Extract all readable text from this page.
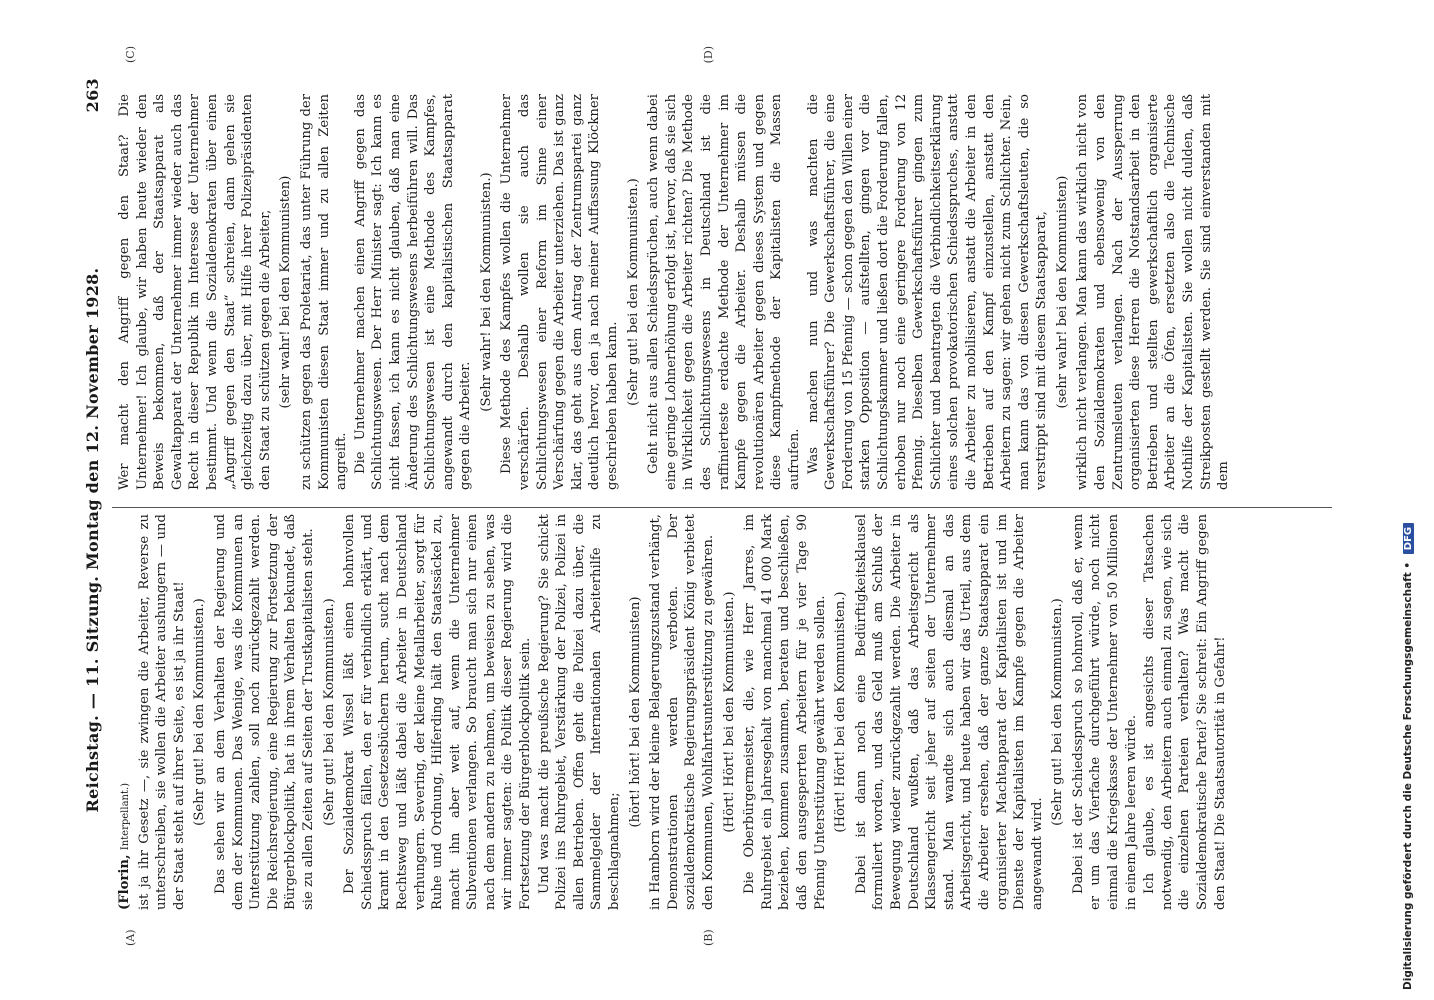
Reichstag. — 11. Sitzung. Montag den 12. November 1928.
263
(A)	(B)
(C)	(D)

(Florin, Interpellant.) ist ja ihr Gesetz —, sie zwingen die Arbeiter, Reverse zu unterschreiben, sie wollen die Arbeiter aushungern — und der Staat steht auf ihrer Seite, es ist ja ihr Staat! (Sehr gut! bei den Kommunisten.) Das sehen wir an dem Verhalten der Regierung und dem der Kommunen. Das Wenige, was die Kommunen an Unterstützung zahlen, soll noch zurückgezahlt werden. Die Reichsregierung, eine Regierung zur Fortsetzung der Bürgerblockpolitik, hat in ihrem Verhalten bekundet, daß sie zu allen Zeiten auf Seiten der Trustkapitalisten steht. (Sehr gut! bei den Kommunisten.) Der Sozialdemokrat Wissel läßt einen hohnvollen Schiedsspruch fällen, den er für verbindlich erklärt, und kramt in den Gesetzesbüchern herum, sucht nach dem Rechtsweg und läßt dabei die Arbeiter in Deutschland verhungern. Severing, der kleine Metallarbeiter, sorgt für Ruhe und Ordnung, Hilferding hält den Staatssäckel zu, macht ihn aber weit auf, wenn die Unternehmer Subventionen verlangen. So braucht man sich nur einen nach dem andern zu nehmen, um beweisen zu sehen, was wir immer sagten: die Politik dieser Regierung wird die Fortsetzung der Bürgerblockpolitik sein. Und was macht die preußische Regierung? Sie schickt Polizei ins Ruhrgebiet, Verstärkung der Polizei, Polizei in allen Betrieben. Offen geht die Polizei dazu über, die Sammelgelder der Internationalen Arbeiterhilfe zu beschlagnahmen;

(hört! hört! bei den Kommunisten) in Hamborn wird der kleine Belagerungszustand verhängt, Demonstrationen werden verboten. Der sozialdemokratische Regierungspräsident König verbietet den Kommunen, Wohlfahrtsunterstützung zu gewähren. (Hört! Hört! bei den Kommunisten.) Die Oberbürgermeister, die, wie Herr Jarres, im Ruhrgebiet ein Jahresgehalt von manchmal 41 000 Mark beziehen, kommen zusammen, beraten und beschließen, daß den ausgesperrten Arbeitern für je vier Tage 90 Pfennig Unterstützung gewährt werden sollen. (Hört! Hört! bei den Kommunisten.) Dabei ist dann noch eine Bedürftigkeitsklausel formuliert worden, und das Geld muß am Schluß der Bewegung wieder zurückgezahlt werden. Die Arbeiter in Deutschland wußten, daß das Arbeitsgericht als Klassengericht seit jeher auf seiten der Unternehmer stand. Man wandte sich auch diesmal an das Arbeitsgericht, und heute haben wir das Urteil, aus dem die Arbeiter ersehen, daß der ganze Staatsapparat ein organisierter Machtapparat der Kapitalisten ist und im Dienste der Kapitalisten im Kampfe gegen die Arbeiter angewandt wird.

(Sehr gut! bei den Kommunisten.) Dabei ist der Schiedsspruch so hohnvoll, daß er, wenn er um das Vierfache durchgeführt würde, noch nicht einmal die Kriegskasse der Unternehmer von 50 Millionen in einem Jahre leeren würde. Ich glaube, es ist angesichts dieser Tatsachen notwendig, den Arbeitern auch einmal zu sagen, wie sich die einzelnen Parteien verhalten? Was macht die Sozialdemokratische Partei? Sie schreit: Ein Angriff gegen den Staat! Die Staatsautorität in Gefahr!

Wer macht den Angriff gegen den Staat? Die Unternehmer! Ich glaube, wir haben heute wieder den Beweis bekommen, daß der Staatsapparat als Gewaltapparat der Unternehmer immer wieder auch das Recht in dieser Republik im Interesse der Unternehmer bestimmt. Und wenn die Sozialdemokraten über einen „Angriff gegen den Staat“ schreien, dann gehen sie gleichzeitig dazu über, mit Hilfe ihrer Polizeipräsidenten den Staat zu schützen gegen die Arbeiter, (sehr wahr! bei den Kommunisten) zu schützen gegen das Proletariat, das unter Führung der Kommunisten diesen Staat immer und zu allen Zeiten angreift. Die Unternehmer machen einen Angriff gegen das Schlichtungswesen. Der Herr Minister sagt: Ich kann es nicht fassen, ich kann es nicht glauben, daß man eine Änderung des Schlichtungswesens herbeiführen will. Das Schlichtungswesen ist eine Methode des Kampfes, angewandt durch den kapitalistischen Staatsapparat gegen die Arbeiter.

(Sehr wahr! bei den Kommunisten.) Diese Methode des Kampfes wollen die Unternehmer verschärfen. Deshalb wollen sie auch das Schlichtungswesen einer Reform im Sinne einer Verschärfung gegen die Arbeiter unterziehen. Das ist ganz klar, das geht aus dem Antrag der Zentrumspartei ganz deutlich hervor, den ja nach meiner Auffassung Klöckner geschrieben haben kann. (Sehr gut! bei den Kommunisten.) Geht nicht aus allen Schiedssprüchen, auch wenn dabei eine geringe Lohnerhöhung erfolgt ist, hervor, daß sie sich in Wirklichkeit gegen die Arbeiter richten? Die Methode des Schlichtungswesens in Deutschland ist die raffinierteste erdachte Methode der Unternehmer im Kampfe gegen die Arbeiter. Deshalb müssen die revolutionären Arbeiter gegen dieses System und gegen diese Kampfmethode der Kapitalisten die Massen aufrufen. Was machen nun und was machten die Gewerkschaftsführer? Die Gewerkschaftsführer, die eine Forderung von 15 Pfennig — schon gegen den Willen einer starken Opposition — aufstellten, gingen vor die Schlichtungskammer und ließen dort die Forderung fallen, erhoben nur noch eine geringere Forderung von 12 Pfennig. Dieselben Gewerkschaftsführer gingen zum Schlichter und beantragten die Verbindlichkeitserklärung eines solchen provokatorischen Schiedsspruches, anstatt die Arbeiter zu mobilisieren, anstatt die Arbeiter in den Betrieben auf den Kampf einzustellen, anstatt den Arbeitern zu sagen: wir gehen nicht zum Schlichter. Nein, man kann das von diesen Gewerkschaftsleuten, die so verstrippt sind mit diesem Staatsapparat, (sehr wahr! bei den Kommunisten) wirklich nicht verlangen. Man kann das wirklich nicht von den Sozialdemokraten und ebensowenig von den Zentrumsleuten verlangen. Nach der Aussperrung organisierten diese Herren die Notstandsarbeit in den Betrieben und stellten gewerkschaftlich organisierte Arbeiter an die Öfen, ersetzten also die Technische Nothilfe der Kapitalisten. Sie wollen nicht dulden, daß Streikposten gestellt werden. Sie sind einverstanden mit dem

Digitalisierung gefördert durch die Deutsche Forschungsgemeinschaft • DFG
